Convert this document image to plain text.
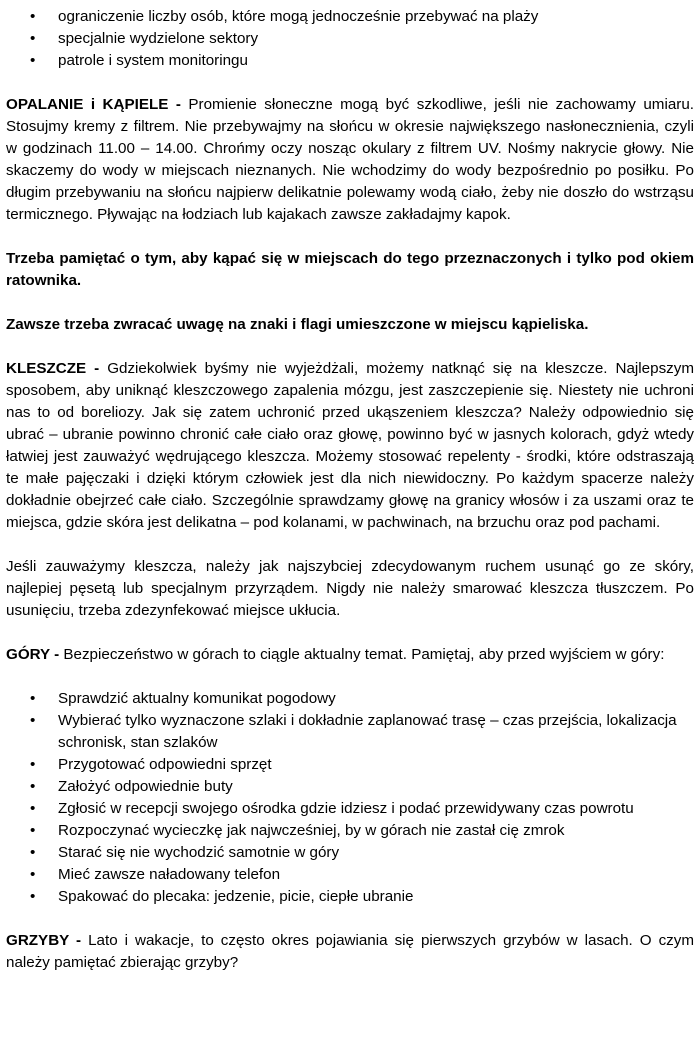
• ograniczenie liczby osób, które mogą jednocześnie przebywać na plaży
• specjalnie wydzielone sektory
• patrole i system monitoringu

OPALANIE i KĄPIELE - Promienie słoneczne mogą być szkodliwe, jeśli nie zachowamy umiaru. Stosujmy kremy z filtrem. Nie przebywajmy na słońcu w okresie największego nasłonecznienia, czyli w godzinach 11.00 – 14.00. Chrońmy oczy nosząc okulary z filtrem UV. Nośmy nakrycie głowy. Nie skaczemy do wody w miejscach nieznanych. Nie wchodzimy do wody bezpośrednio po posiłku. Po długim przebywaniu na słońcu najpierw delikatnie polewamy wodą ciało, żeby nie doszło do wstrząsu termicznego. Pływając na łodziach lub kajakach zawsze zakładajmy kapok.

Trzeba pamiętać o tym, aby kąpać się w miejscach do tego przeznaczonych i tylko pod okiem ratownika.

Zawsze trzeba zwracać uwagę na znaki i flagi umieszczone w miejscu kąpieliska.

KLESZCZE - Gdziekolwiek byśmy nie wyjeżdżali, możemy natknąć się na kleszcze. Najlepszym sposobem, aby uniknąć kleszczowego zapalenia mózgu, jest zaszczepienie się. Niestety nie uchroni nas to od boreliozy. Jak się zatem uchronić przed ukąszeniem kleszcza? Należy odpowiednio się ubrać – ubranie powinno chronić całe ciało oraz głowę, powinno być w jasnych kolorach, gdyż wtedy łatwiej jest zauważyć wędrującego kleszcza. Możemy stosować repelenty - środki, które odstraszają te małe pajęczaki i dzięki którym człowiek jest dla nich niewidoczny. Po każdym spacerze należy dokładnie obejrzeć całe ciało. Szczególnie sprawdzamy głowę na granicy włosów i za uszami oraz te miejsca, gdzie skóra jest delikatna – pod kolanami, w pachwinach, na brzuchu oraz pod pachami.

Jeśli zauważymy kleszcza, należy jak najszybciej zdecydowanym ruchem usunąć go ze skóry, najlepiej pęsetą lub specjalnym przyrządem. Nigdy nie należy smarować kleszcza tłuszczem. Po usunięciu, trzeba zdezynfekować miejsce ukłucia.

GÓRY - Bezpieczeństwo w górach to ciągle aktualny temat. Pamiętaj, aby przed wyjściem w góry:

• Sprawdzić aktualny komunikat pogodowy
• Wybierać tylko wyznaczone szlaki i dokładnie zaplanować trasę – czas przejścia, lokalizacja schronisk, stan szlaków
• Przygotować odpowiedni sprzęt
• Założyć odpowiednie buty
• Zgłosić w recepcji swojego ośrodka gdzie idziesz i podać przewidywany czas powrotu
• Rozpoczynać wycieczkę jak najwcześniej, by w górach nie zastał cię zmrok
• Starać się nie wychodzić samotnie w góry
• Mieć zawsze naładowany telefon
• Spakować do plecaka: jedzenie, picie, ciepłe ubranie

GRZYBY - Lato i wakacje, to często okres pojawiania się pierwszych grzybów w lasach. O czym należy pamiętać zbierając grzyby?
